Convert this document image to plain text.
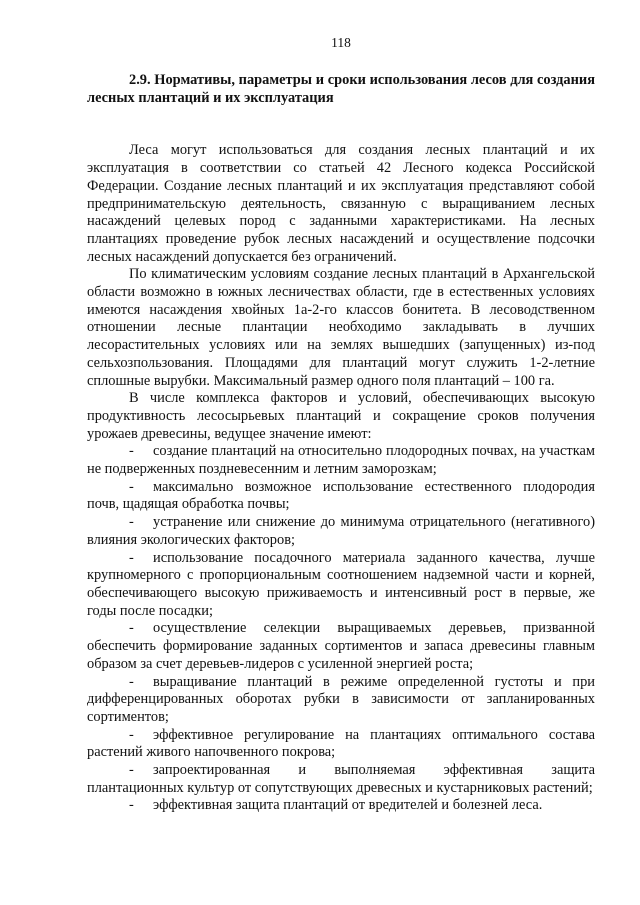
118
2.9. Нормативы, параметры и сроки использования лесов для создания лесных плантаций и их эксплуатация

Леса могут использоваться для создания лесных плантаций и их эксплуатация в соответствии со статьей 42 Лесного кодекса Российской Федерации. Создание лесных плантаций и их эксплуатация представляют собой предпринимательскую деятельность, связанную с выращиванием лесных насаждений целевых пород с заданными характеристиками. На лесных плантациях проведение рубок лесных насаждений и осуществление подсочки лесных насаждений допускается без ограничений.

По климатическим условиям создание лесных плантаций в Архангельской области возможно в южных лесничествах области, где в естественных условиях имеются насаждения хвойных 1а-2-го классов бонитета. В лесоводственном отношении лесные плантации необходимо закладывать в лучших лесорастительных условиях или на землях вышедших (запущенных) из-под сельхозпользования. Площадями для плантаций могут служить 1-2-летние сплошные вырубки. Максимальный размер одного поля плантаций – 100 га.

В числе комплекса факторов и условий, обеспечивающих высокую продуктивность лесосырьевых плантаций и сокращение сроков получения урожаев древесины, ведущее значение имеют:

- создание плантаций на относительно плодородных почвах, на участкам не подверженных поздневесенним и летним заморозкам;

- максимально возможное использование естественного плодородия почв, щадящая обработка почвы;

- устранение или снижение до минимума отрицательного (негативного) влияния экологических факторов;

- использование посадочного материала заданного качества, лучше крупномерного с пропорциональным соотношением надземной части и корней, обеспечивающего высокую приживаемость и интенсивный рост в первые, же годы после посадки;

- осуществление селекции выращиваемых деревьев, призванной обеспечить формирование заданных сортиментов и запаса древесины главным образом за счет деревьев-лидеров с усиленной энергией роста;

- выращивание плантаций в режиме определенной густоты и при дифференцированных оборотах рубки в зависимости от запланированных сортиментов;

- эффективное регулирование на плантациях оптимального состава растений живого напочвенного покрова;

- запроектированная и выполняемая эффективная защита плантационных культур от сопутствующих древесных и кустарниковых растений;

- эффективная защита плантаций от вредителей и болезней леса.
